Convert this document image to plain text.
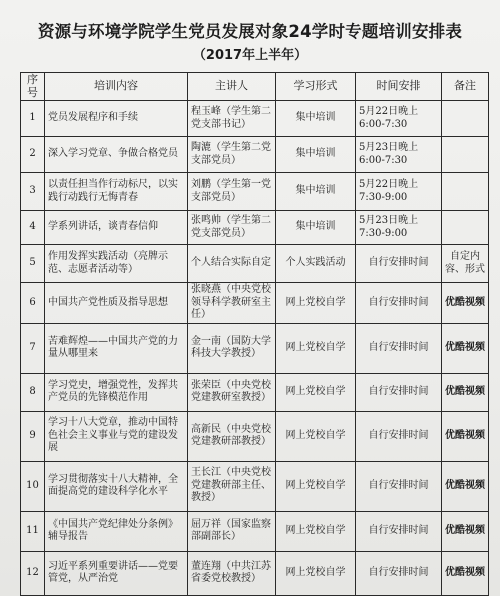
资源与环境学院学生党员发展对象24学时专题培训安排表
（2017年上半年）
序号	培训内容	主讲人	学习形式	时间安排	备注
1	党员发展程序和手续	程玉峰（学生第二党支部书记）	集中培训	5月22日晚上6:00-7:30	
2	深入学习党章、争做合格党员	陶漉（学生第二党支部党员）	集中培训	5月23日晚上6:00-7:30	
3	以责任担当作行动标尺，以实践行动践行无悔青春	刘鹏（学生第一党支部党员）	集中培训	5月22日晚上7:30-9:00	
4	学系列讲话，谈青春信仰	张鸣帅（学生第二党支部党员）	集中培训	5月23日晚上7:30-9:00	
5	作用发挥实践活动（亮牌示范、志愿者活动等）	个人结合实际自定	个人实践活动	自行安排时间	自定内容、形式
6	中国共产党性质及指导思想	张晓燕（中央党校领导科学教研室主任）	网上党校自学	自行安排时间	优酷视频
7	苦难辉煌——中国共产党的力量从哪里来	金一南（国防大学科技大学教授）	网上党校自学	自行安排时间	优酷视频
8	学习党史，增强党性，发挥共产党员的先锋模范作用	张荣臣（中央党校党建教研室教授）	网上党校自学	自行安排时间	优酷视频
9	学习十八大党章，推动中国特色社会主义事业与党的建设发展	高新民（中央党校党建教研部教授）	网上党校自学	自行安排时间	优酷视频
10	学习贯彻落实十八大精神，全面提高党的建设科学化水平	王长江（中央党校党建教研部主任、教授）	网上党校自学	自行安排时间	优酷视频
11	《中国共产党纪律处分条例》辅导报告	屈万祥（国家监察部副部长）	网上党校自学	自行安排时间	优酷视频
12	习近平系列重要讲话——党要管党，从严治党	董连翔（中共江苏省委党校教授）	网上党校自学	自行安排时间	优酷视频
